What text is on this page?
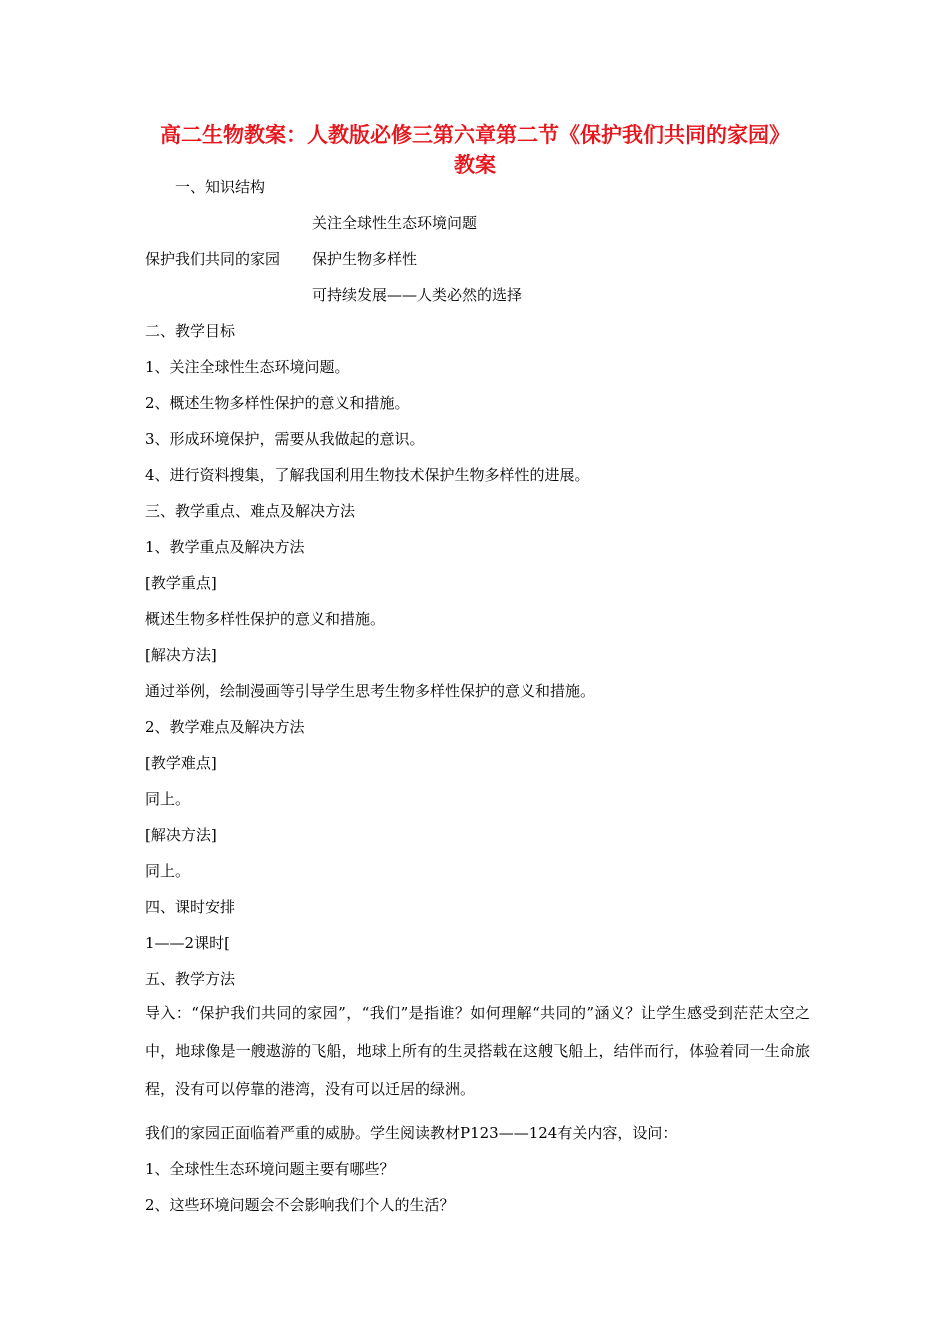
高二生物教案：人教版必修三第六章第二节《保护我们共同的家园》教案

一、知识结构

关注全球性生态环境问题

保护我们共同的家园 保护生物多样性

可持续发展——人类必然的选择

二、教学目标

1、关注全球性生态环境问题。

2、概述生物多样性保护的意义和措施。

3、形成环境保护，需要从我做起的意识。

4、进行资料搜集，了解我国利用生物技术保护生物多样性的进展。

三、教学重点、难点及解决方法

1、教学重点及解决方法

[教学重点]

概述生物多样性保护的意义和措施。

[解决方法]

通过举例，绘制漫画等引导学生思考生物多样性保护的意义和措施。

2、教学难点及解决方法

[教学难点]

同上。

[解决方法]

同上。

四、课时安排

1——2课时[

五、教学方法

导入：“保护我们共同的家园”，“我们”是指谁？如何理解“共同的”涵义？让学生感受到茫茫太空之中，地球像是一艘遨游的飞船，地球上所有的生灵搭载在这艘飞船上，结伴而行，体验着同一生命旅程，没有可以停靠的港湾，没有可以迁居的绿洲。

我们的家园正面临着严重的威胁。学生阅读教材P123——124有关内容，设问：

1、全球性生态环境问题主要有哪些？

2、这些环境问题会不会影响我们个人的生活？
